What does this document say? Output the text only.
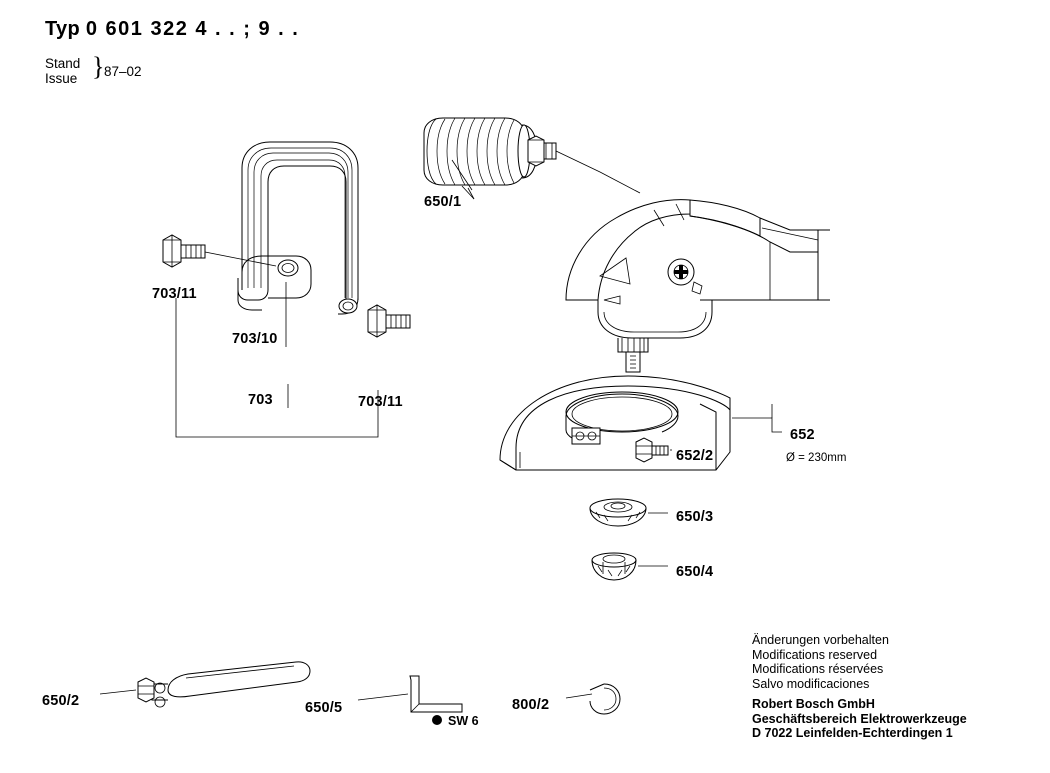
Typ 0 601 322 4 . . ; 9 . .
Stand
Issue } 87–02
650/1
703/11
703/10
703	703/11
652
652/2
650/3
650/4
650/2	650/5	800/2
Ø = 230mm
SW 6
Änderungen vorbehalten
Modifications reserved
Modifications réservées
Salvo modificaciones
Robert Bosch GmbH
Geschäftsbereich Elektrowerkzeuge
D 7022 Leinfelden-Echterdingen 1
